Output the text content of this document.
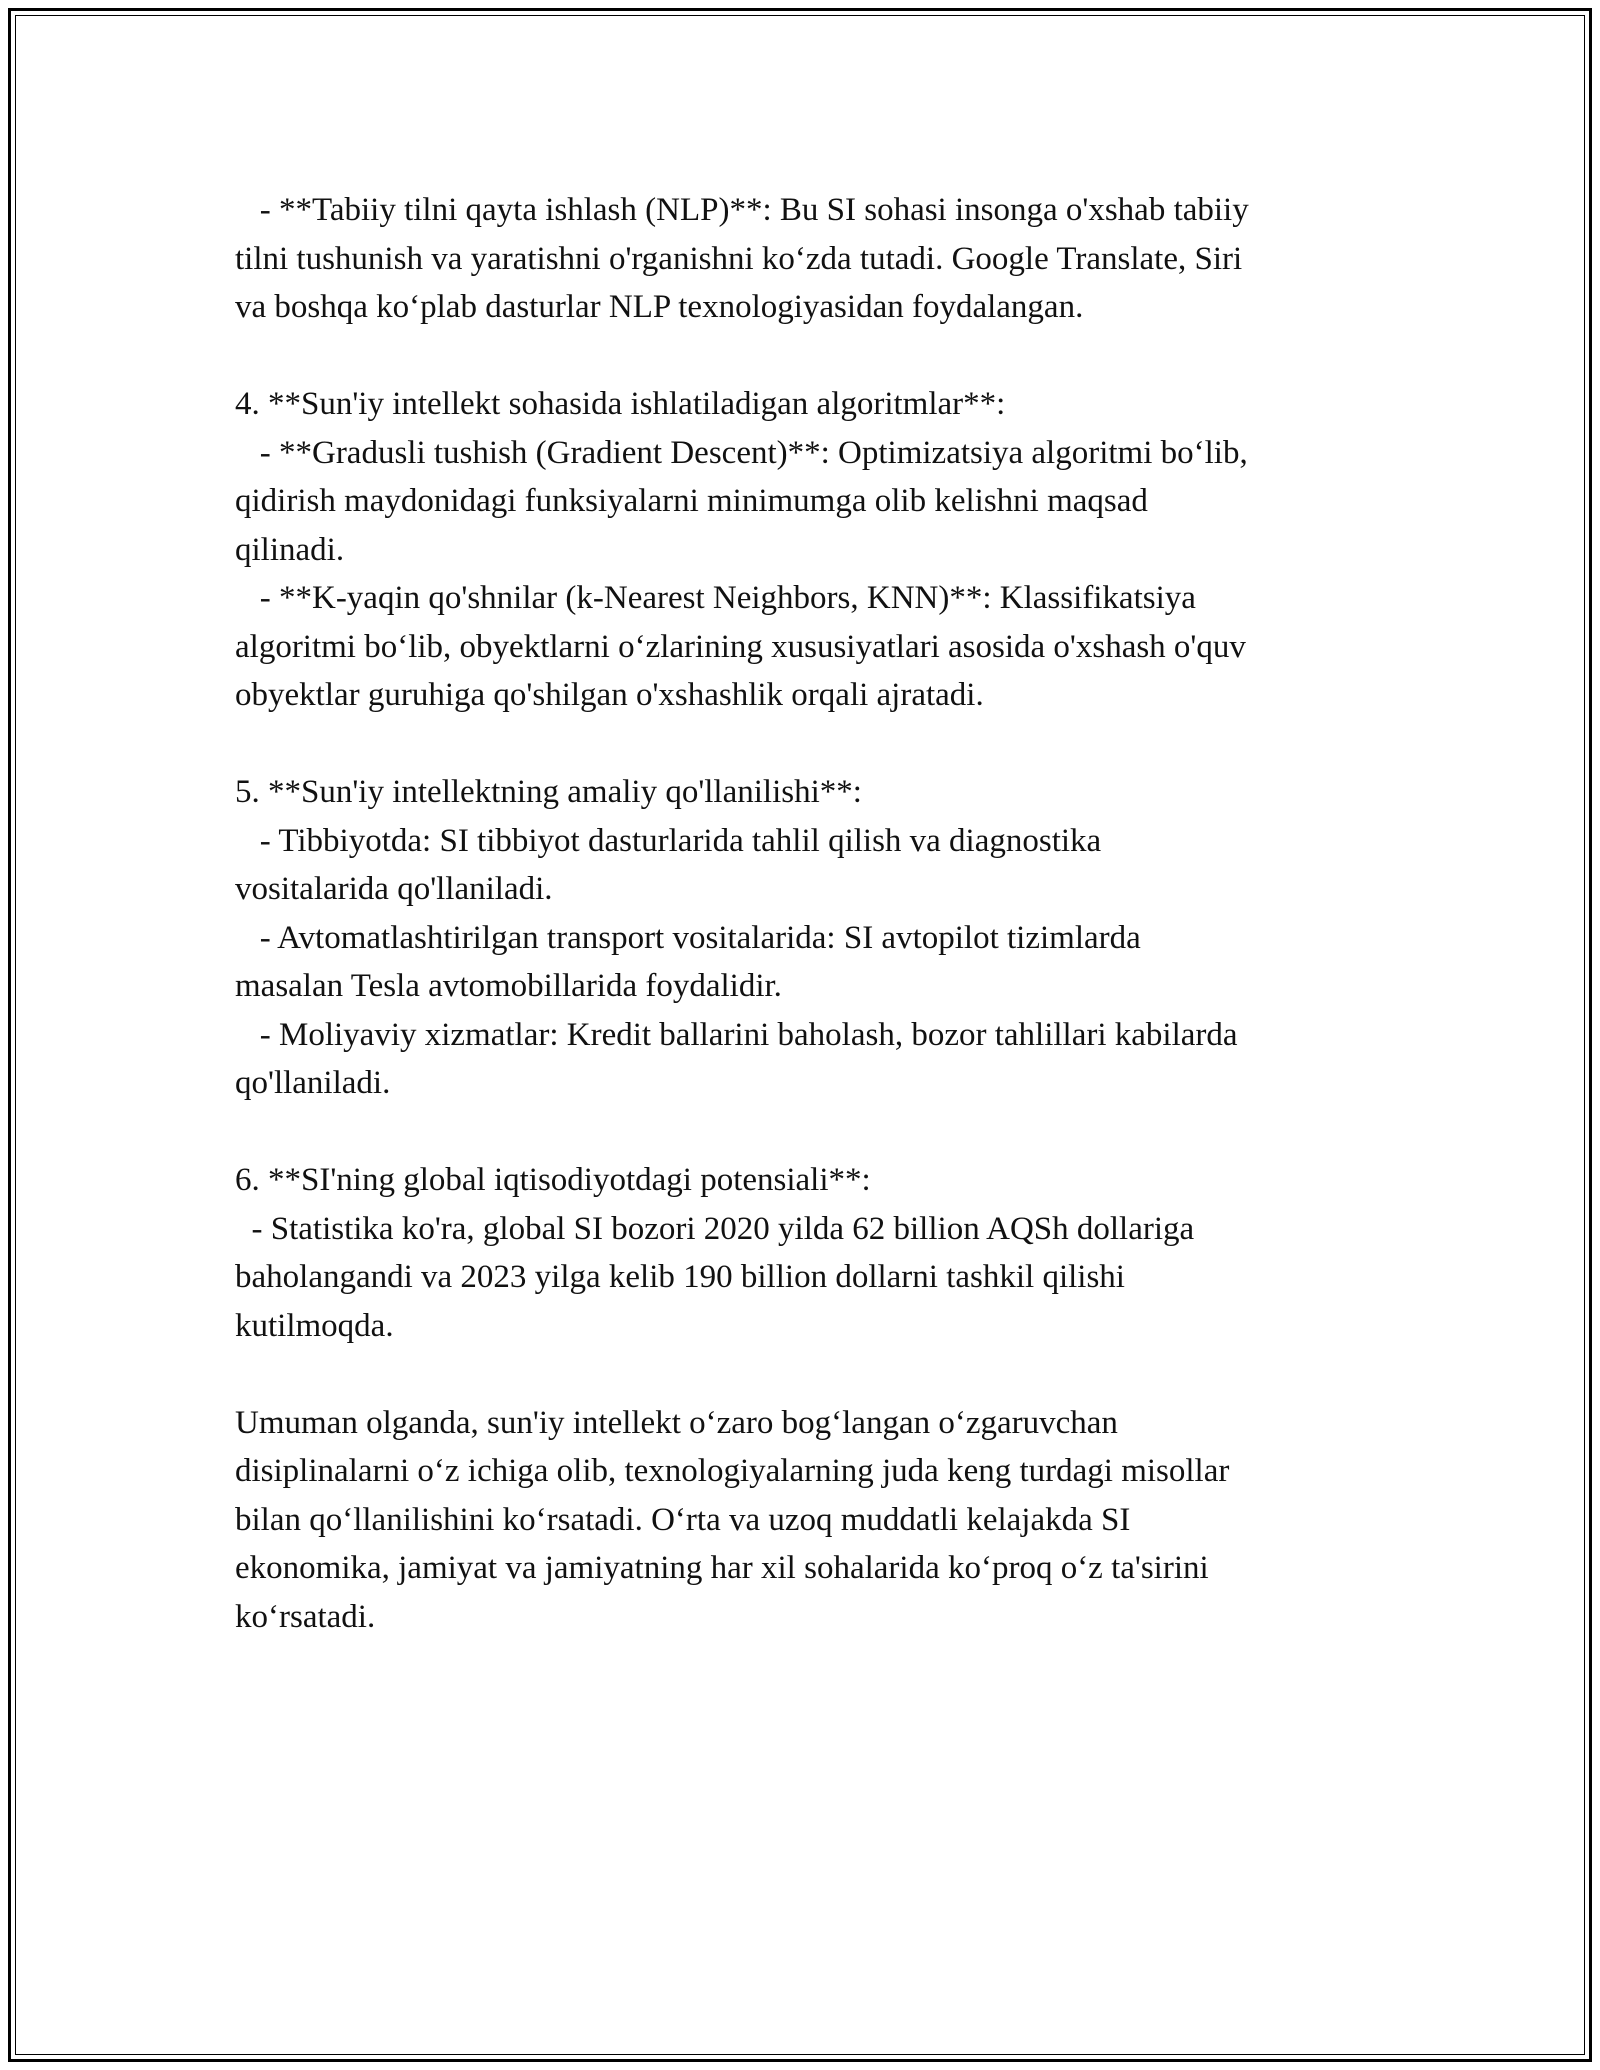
- **Tabiiy tilni qayta ishlash (NLP)**: Bu SI sohasi insonga o'xshab tabiiy
tilni tushunish va yaratishni o'rganishni koʻzda tutadi. Google Translate, Siri
va boshqa koʻplab dasturlar NLP texnologiyasidan foydalangan.
4. **Sun'iy intellekt sohasida ishlatiladigan algoritmlar**:
- **Gradusli tushish (Gradient Descent)**: Optimizatsiya algoritmi boʻlib,
qidirish maydonidagi funksiyalarni minimumga olib kelishni maqsad
qilinadi.
- **K-yaqin qo'shnilar (k-Nearest Neighbors, KNN)**: Klassifikatsiya
algoritmi boʻlib, obyektlarni oʻzlarining xususiyatlari asosida o'xshash o'quv
obyektlar guruhiga qo'shilgan o'xshashlik orqali ajratadi.
5. **Sun'iy intellektning amaliy qo'llanilishi**:
- Tibbiyotda: SI tibbiyot dasturlarida tahlil qilish va diagnostika
vositalarida qo'llaniladi.
- Avtomatlashtirilgan transport vositalarida: SI avtopilot tizimlarda
masalan Tesla avtomobillarida foydalidir.
- Moliyaviy xizmatlar: Kredit ballarini baholash, bozor tahlillari kabilarda
qo'llaniladi.
6. **SI'ning global iqtisodiyotdagi potensiali**:
- Statistika ko'ra, global SI bozori 2020 yilda 62 billion AQSh dollariga
baholangandi va 2023 yilga kelib 190 billion dollarni tashkil qilishi
kutilmoqda.
Umuman olganda, sun'iy intellekt oʻzaro bogʻlangan oʻzgaruvchan
disiplinalarni oʻz ichiga olib, texnologiyalarning juda keng turdagi misollar
bilan qoʻllanilishini koʻrsatadi. Oʻrta va uzoq muddatli kelajakda SI
ekonomika, jamiyat va jamiyatning har xil sohalarida koʻproq oʻz ta'sirini
koʻrsatadi.
